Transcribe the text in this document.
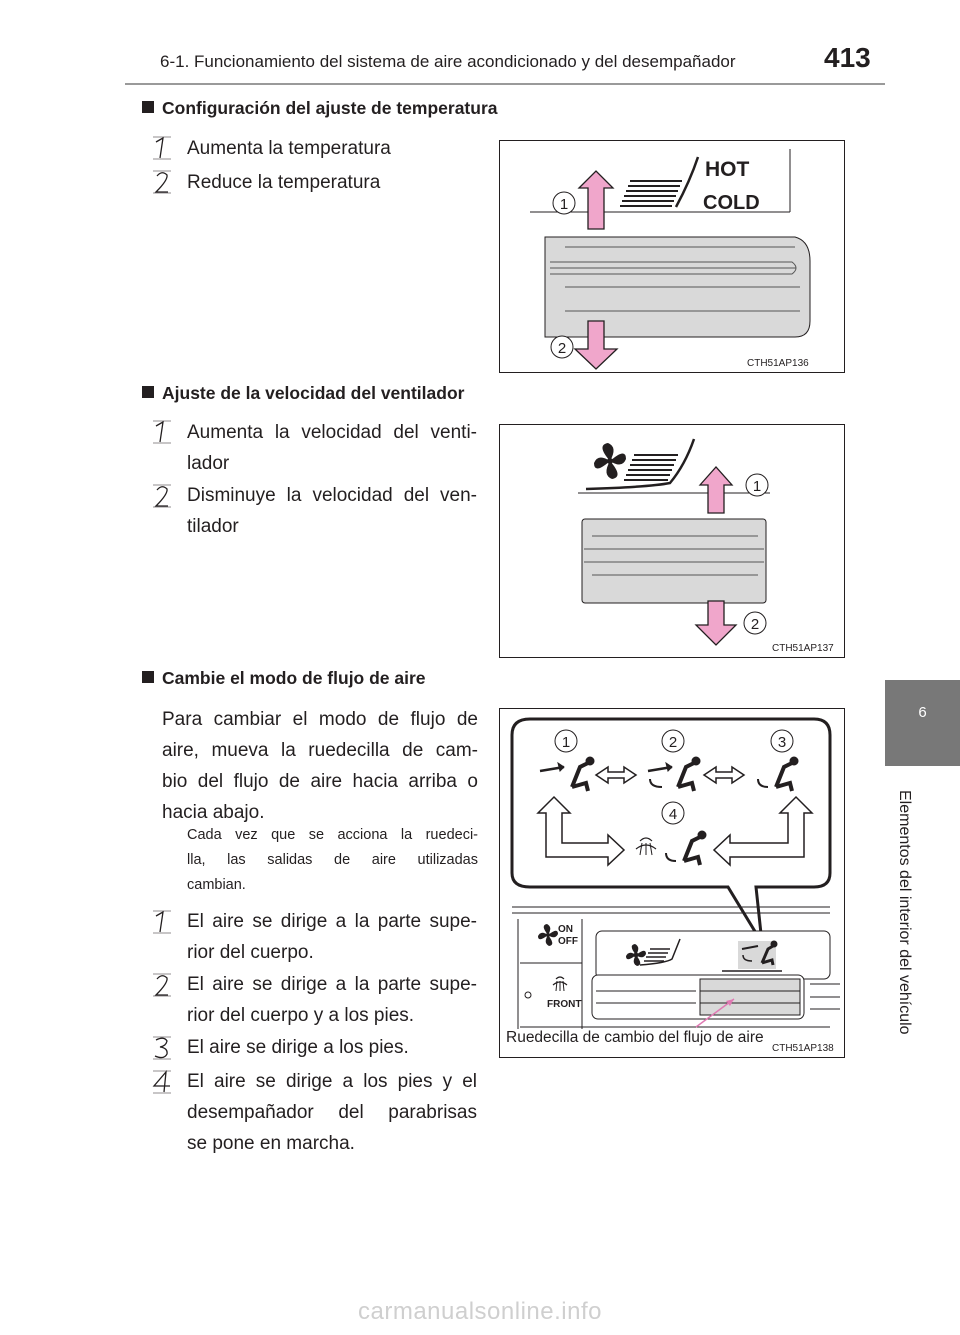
6-1. Funcionamiento del sistema de aire acondicionado y del desempañador	413
6
Elementos del interior del vehículo
Configuración del ajuste de temperatura
Aumenta la temperatura
Reduce la temperatura
HOT
COLD
1
2
CTH51AP136
Ajuste de la velocidad del ventilador
Aumenta la velocidad del venti-
lador
Disminuye la velocidad del ven-
tilador
1
2
CTH51AP137
Cambie el modo de flujo de aire
Para cambiar el modo de flujo de
aire, mueva la ruedecilla de cam-
bio del flujo de aire hacia arriba o
hacia abajo.
Cada vez que se acciona la ruedeci-
lla, las salidas de aire utilizadas
cambian.
El aire se dirige a la parte supe-
rior del cuerpo.
El aire se dirige a la parte supe-
rior del cuerpo y a los pies.
El aire se dirige a los pies.
El aire se dirige a los pies y el
desempañador del parabrisas
se pone en marcha.
1	2	3
4
ON
OFF
FRONT
Ruedecilla de cambio del flujo de aire
CTH51AP138
carmanualsonline.info
